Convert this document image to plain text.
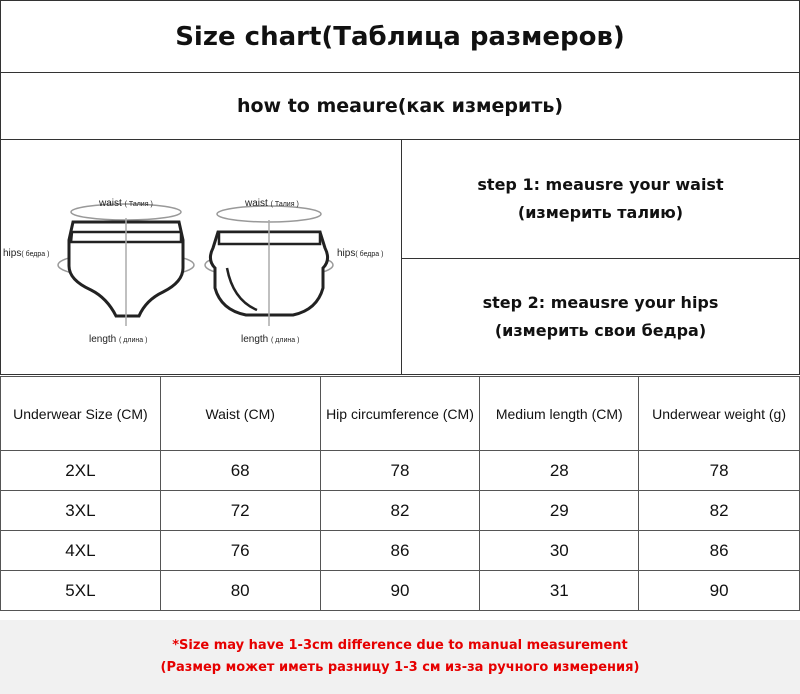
Size chart(Таблица размеров)
how to meaure(как измерить)
waist ( Талия )
hips( бедра )
length ( длина )
waist ( Талия )
hips( бедра )
length ( длина )
step 1: meausre your waist
(измерить талию)
step 2: meausre your hips
(измерить свои бедра)
Underwear Size (CM)	Waist (CM)	Hip circumference (CM)	Medium length (CM)	Underwear weight (g)
2XL	68	78	28	78
3XL	72	82	29	82
4XL	76	86	30	86
5XL	80	90	31	90
*Size may have 1-3cm difference due to manual measurement
(Размер может иметь разницу 1-3 см из-за ручного измерения)
